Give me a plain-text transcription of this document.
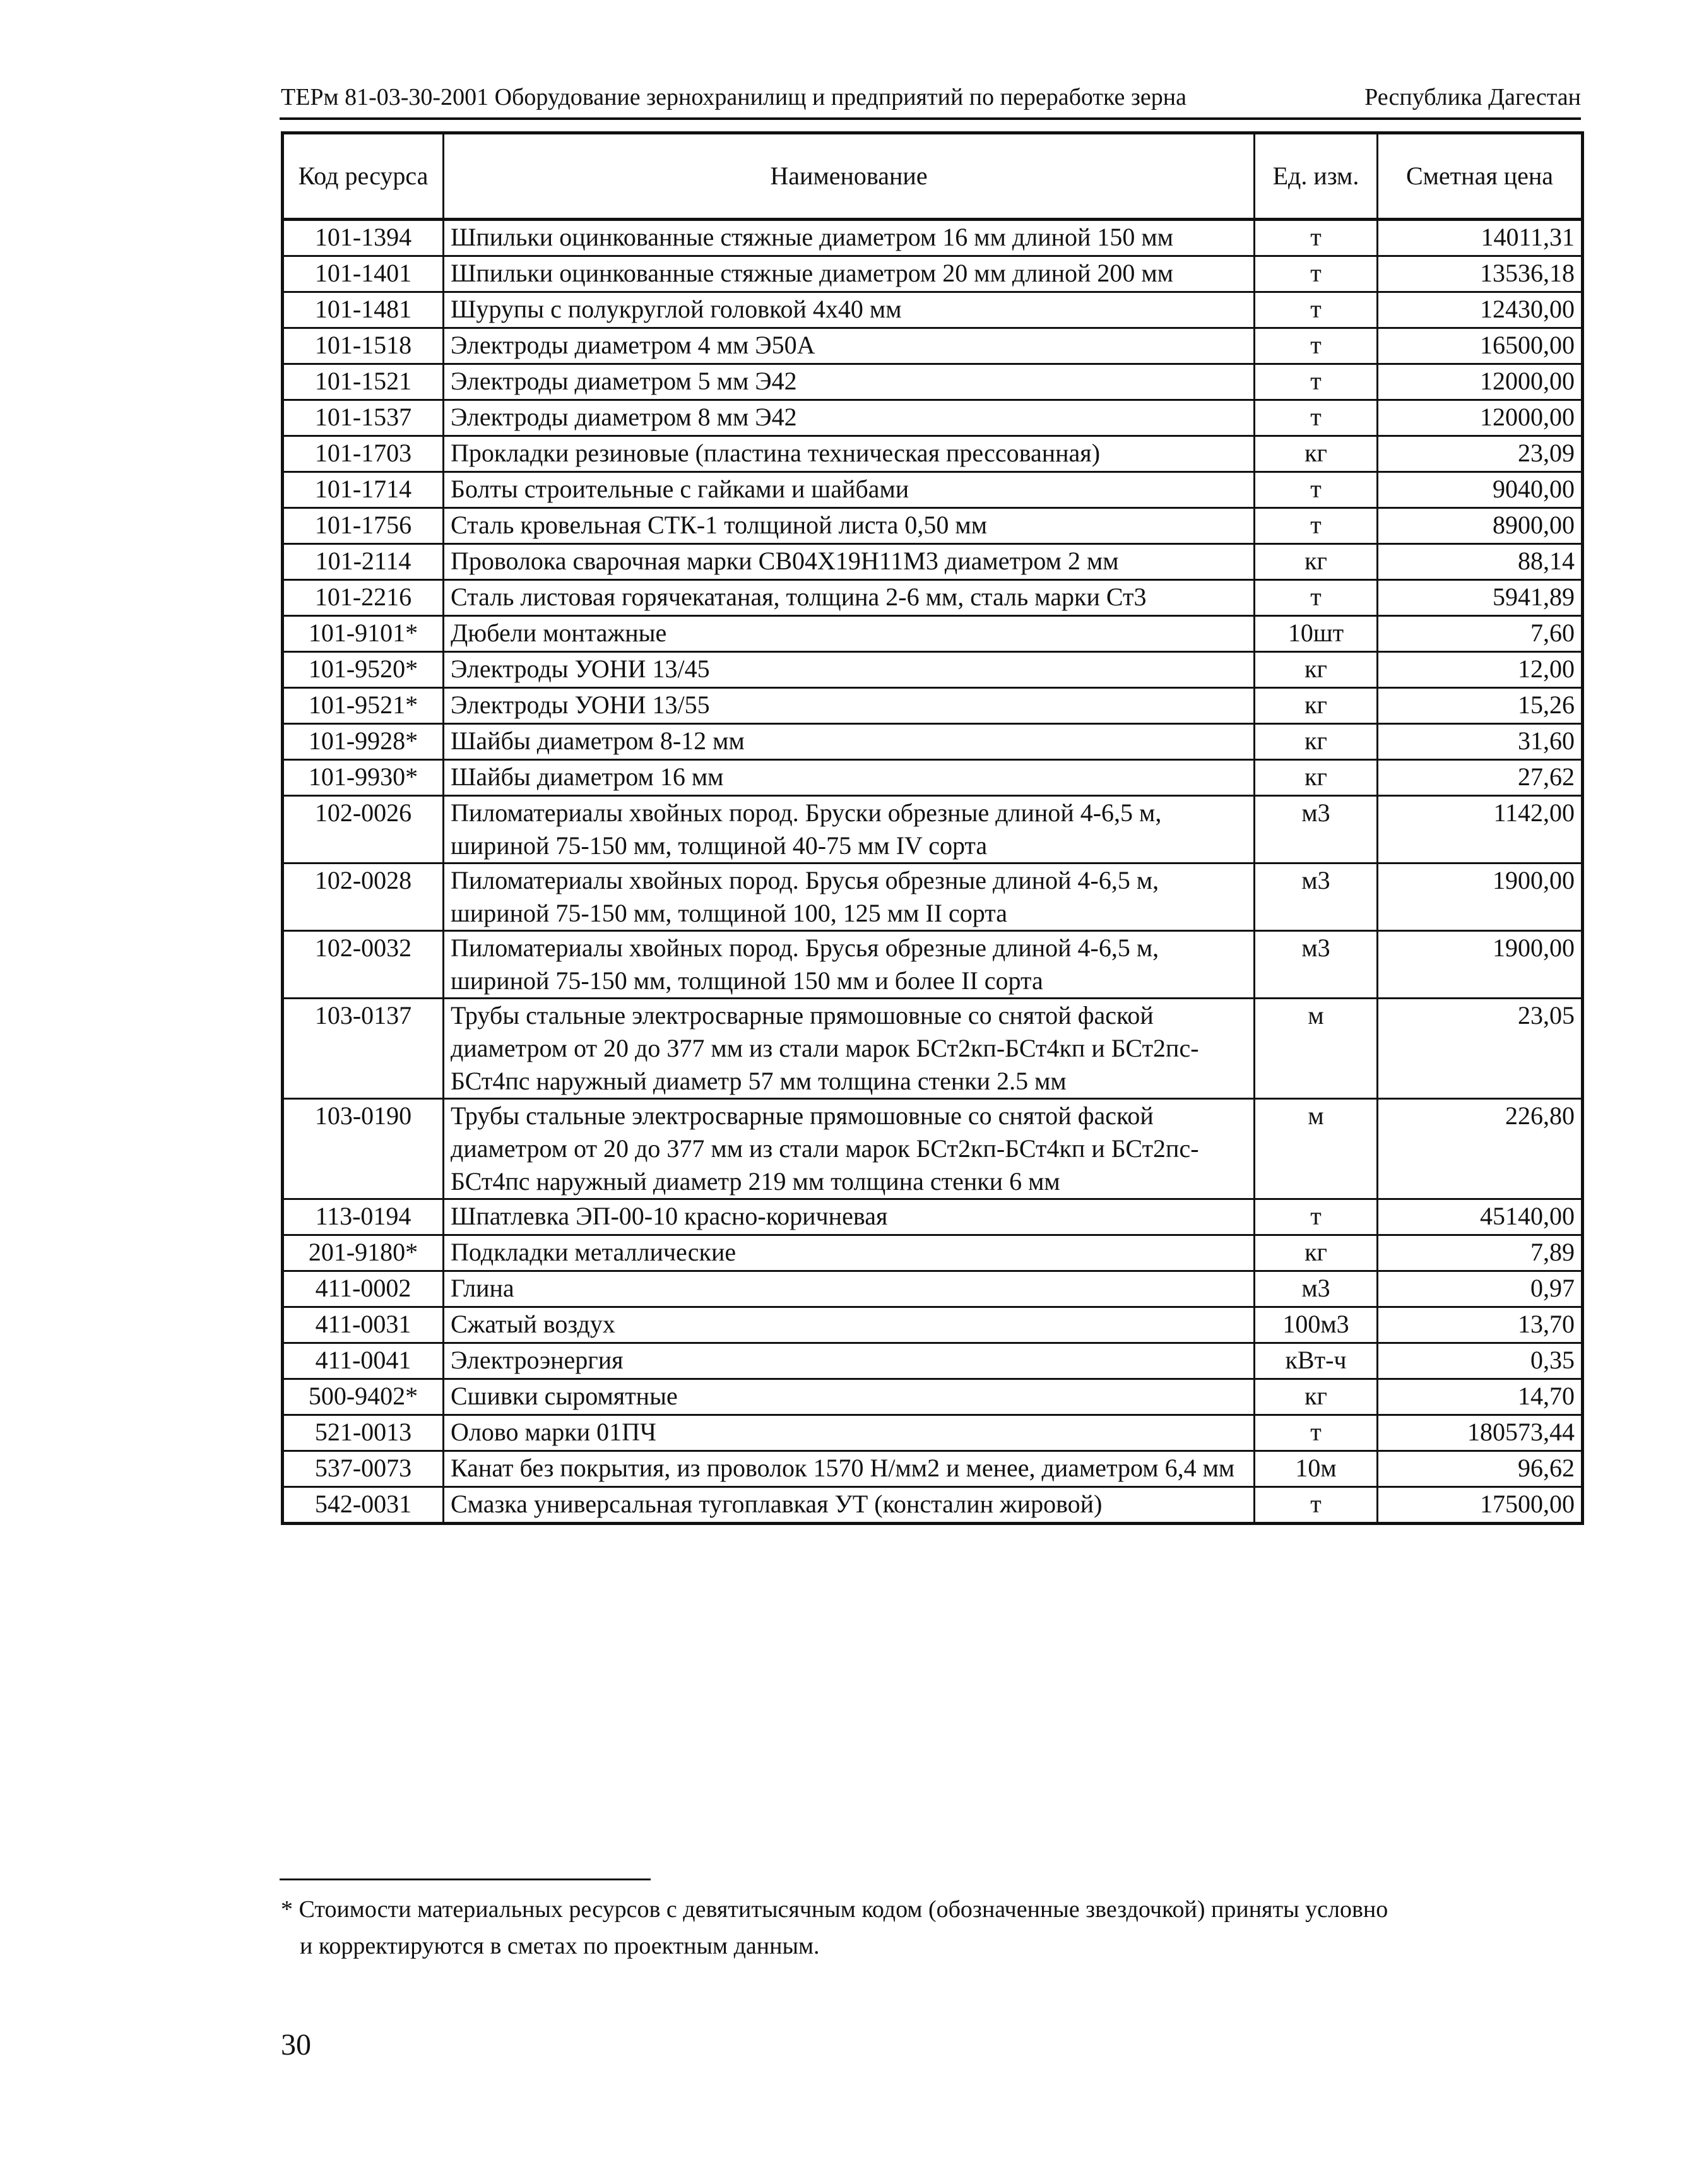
ТЕРм 81-03-30-2001 Оборудование зернохранилищ и предприятий по переработке зерна	Республика Дагестан
Код ресурса	Наименование	Ед. изм.	Сметная цена
101-1394	Шпильки оцинкованные стяжные диаметром 16 мм длиной 150 мм	т	14011,31
101-1401	Шпильки оцинкованные стяжные диаметром 20 мм длиной 200 мм	т	13536,18
101-1481	Шурупы с полукруглой головкой 4x40 мм	т	12430,00
101-1518	Электроды диаметром 4 мм Э50А	т	16500,00
101-1521	Электроды диаметром 5 мм Э42	т	12000,00
101-1537	Электроды диаметром 8 мм Э42	т	12000,00
101-1703	Прокладки резиновые (пластина техническая прессованная)	кг	23,09
101-1714	Болты строительные с гайками и шайбами	т	9040,00
101-1756	Сталь кровельная СТК-1 толщиной листа 0,50 мм	т	8900,00
101-2114	Проволока сварочная марки СВ04Х19Н11М3 диаметром 2 мм	кг	88,14
101-2216	Сталь листовая горячекатаная, толщина 2-6 мм, сталь марки Ст3	т	5941,89
101-9101*	Дюбели монтажные	10шт	7,60
101-9520*	Электроды УОНИ 13/45	кг	12,00
101-9521*	Электроды УОНИ 13/55	кг	15,26
101-9928*	Шайбы диаметром 8-12 мм	кг	31,60
101-9930*	Шайбы диаметром 16 мм	кг	27,62
102-0026	Пиломатериалы хвойных пород. Бруски обрезные длиной 4-6,5 м, шириной 75-150 мм, толщиной 40-75 мм IV сорта	м3	1142,00
102-0028	Пиломатериалы хвойных пород. Брусья обрезные длиной 4-6,5 м, шириной 75-150 мм, толщиной 100, 125 мм II сорта	м3	1900,00
102-0032	Пиломатериалы хвойных пород. Брусья обрезные длиной 4-6,5 м, шириной 75-150 мм, толщиной 150 мм и более II сорта	м3	1900,00
103-0137	Трубы стальные электросварные прямошовные со снятой фаской диаметром от 20 до 377 мм из стали марок БСт2кп-БСт4кп и БСт2пс-БСт4пс наружный диаметр 57 мм толщина стенки 2.5 мм	м	23,05
103-0190	Трубы стальные электросварные прямошовные со снятой фаской диаметром от 20 до 377 мм из стали марок БСт2кп-БСт4кп и БСт2пс-БСт4пс наружный диаметр 219 мм толщина стенки 6 мм	м	226,80
113-0194	Шпатлевка ЭП-00-10 красно-коричневая	т	45140,00
201-9180*	Подкладки металлические	кг	7,89
411-0002	Глина	м3	0,97
411-0031	Сжатый воздух	100м3	13,70
411-0041	Электроэнергия	кВт-ч	0,35
500-9402*	Сшивки сыромятные	кг	14,70
521-0013	Олово марки 01ПЧ	т	180573,44
537-0073	Канат без покрытия, из проволок 1570 Н/мм2 и менее, диаметром 6,4 мм	10м	96,62
542-0031	Смазка универсальная тугоплавкая УТ (консталин жировой)	т	17500,00
* Стоимости материальных ресурсов с девятитысячным кодом (обозначенные звездочкой) приняты условно
и корректируются в сметах по проектным данным.
30
